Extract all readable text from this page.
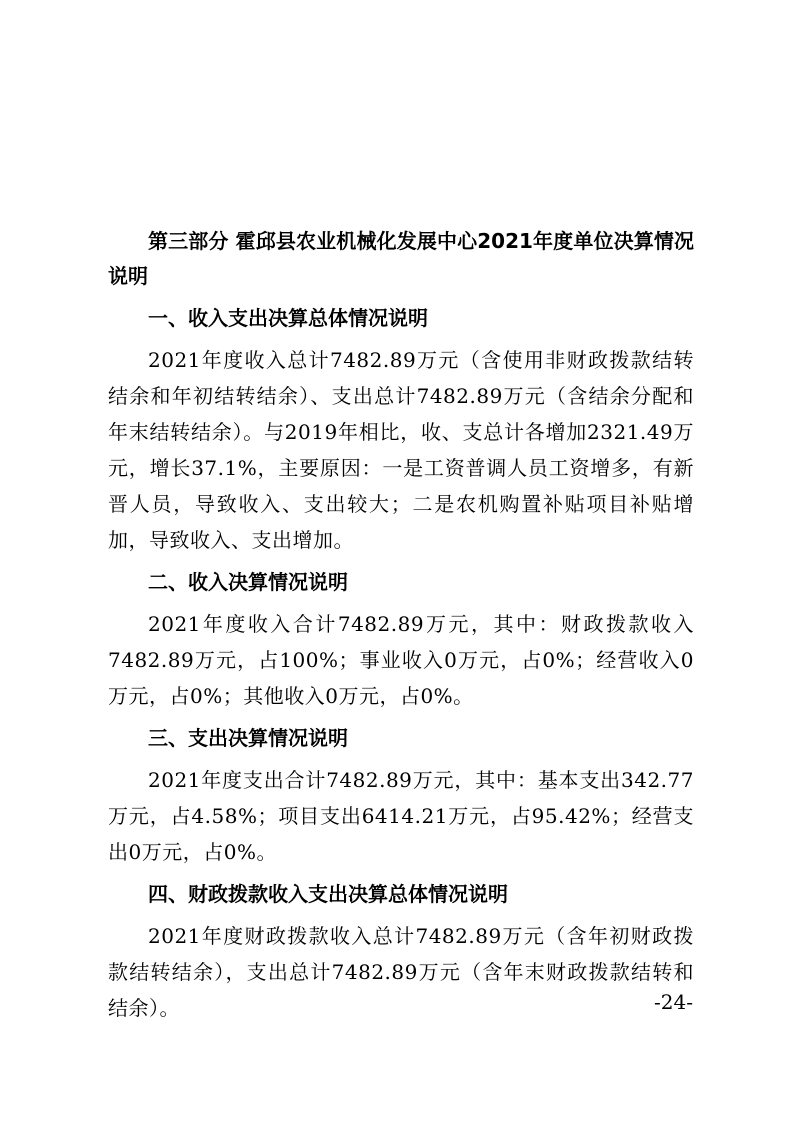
第三部分 霍邱县农业机械化发展中心2021年度单位决算情况说明

一、收入支出决算总体情况说明

2021年度收入总计7482.89万元（含使用非财政拨款结转结余和年初结转结余）、支出总计7482.89万元（含结余分配和年末结转结余）。与2019年相比，收、支总计各增加2321.49万元，增长37.1%，主要原因：一是工资普调人员工资增多，有新晋人员，导致收入、支出较大；二是农机购置补贴项目补贴增加，导致收入、支出增加。

二、收入决算情况说明

2021年度收入合计7482.89万元，其中：财政拨款收入7482.89万元，占100%；事业收入0万元，占0%；经营收入0万元，占0%；其他收入0万元，占0%。

三、支出决算情况说明

2021年度支出合计7482.89万元，其中：基本支出342.77万元，占4.58%；项目支出6414.21万元，占95.42%；经营支出0万元，占0%。

四、财政拨款收入支出决算总体情况说明

2021年度财政拨款收入总计7482.89万元（含年初财政拨款结转结余），支出总计7482.89万元（含年末财政拨款结转和结余）。	-24-
